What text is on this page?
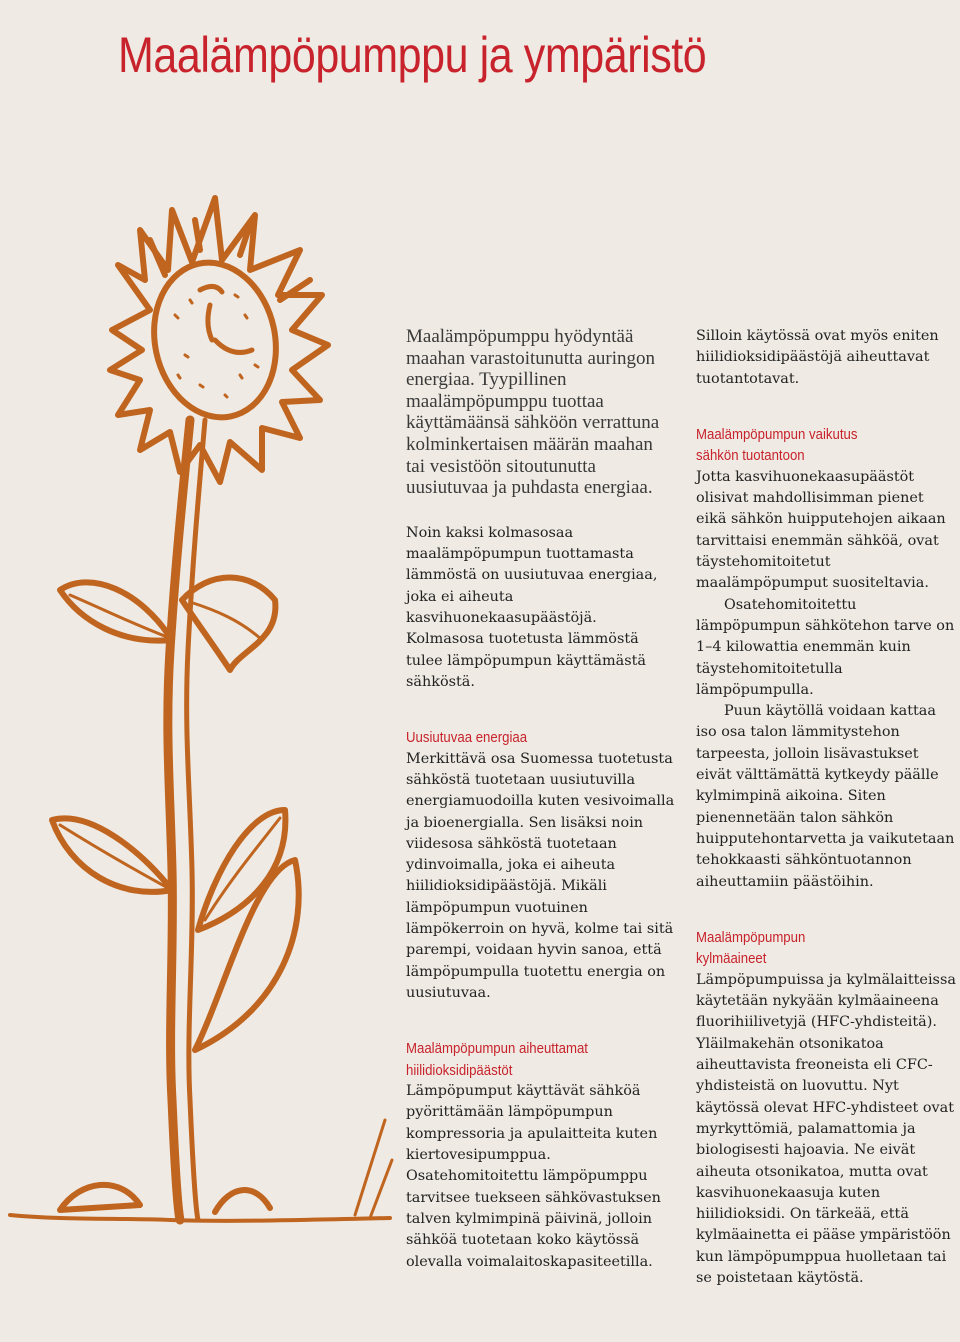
Maalämpöpumppu ja ympäristö

Maalämpöpumppu hyödyntää maahan varastoitunutta auringon energiaa. Tyypillinen maalämpöpumppu tuottaa käyttämäänsä sähköön verrattuna kolminkertaisen määrän maahan tai vesistöön sitoutunutta uusiutuvaa ja puhdasta energiaa.

Noin kaksi kolmasosaa maalämpöpumpun tuottamasta lämmöstä on uusiutuvaa energiaa, joka ei aiheuta kasvihuonekaasupäästöjä. Kolmasosa tuotetusta lämmöstä tulee lämpöpumpun käyttämästä sähköstä.

Uusiutuvaa energiaa

Merkittävä osa Suomessa tuotetusta sähköstä tuotetaan uusiutuvilla energiamuodoilla kuten vesivoimalla ja bioenergialla. Sen lisäksi noin viidesosa sähköstä tuotetaan ydinvoimalla, joka ei aiheuta hiilidioksidipäästöjä. Mikäli lämpöpumpun vuotuinen lämpökerroin on hyvä, kolme tai sitä parempi, voidaan hyvin sanoa, että lämpöpumpulla tuotettu energia on uusiutuvaa.

Maalämpöpumpun aiheuttamat
hiilidioksidipäästöt

Lämpöpumput käyttävät sähköä pyörittämään lämpöpumpun kompressoria ja apulaitteita kuten kiertovesipumppua. Osatehomitoitettu lämpöpumppu tarvitsee tuekseen sähkövastuksen talven kylmimpinä päivinä, jolloin sähköä tuotetaan koko käytössä olevalla voimalaitoskapasiteetilla.

Silloin käytössä ovat myös eniten hiilidioksidipäästöjä aiheuttavat tuotantotavat.

Maalämpöpumpun vaikutus
sähkön tuotantoon

Jotta kasvihuonekaasupäästöt olisivat mahdollisimman pienet eikä sähkön huipputehojen aikaan tarvittaisi enemmän sähköä, ovat täystehomitoitetut maalämpöpumput suositeltavia.

Osatehomitoitettu lämpöpumpun sähkötehon tarve on 1–4 kilowattia enemmän kuin täystehomitoitetulla lämpöpumpulla.

Puun käytöllä voidaan kattaa iso osa talon lämmitystehon tarpeesta, jolloin lisävastukset eivät välttämättä kytkeydy päälle kylmimpinä aikoina. Siten pienennetään talon sähkön huipputehontarvetta ja vaikutetaan tehokkaasti sähköntuotannon aiheuttamiin päästöihin.

Maalämpöpumpun
kylmäaineet

Lämpöpumpuissa ja kylmälaitteissa käytetään nykyään kylmäaineena fluorihiilivetyjä (HFC-yhdisteitä). Yläilmakehän otsonikatoa aiheuttavista freoneista eli CFC-yhdisteistä on luovuttu. Nyt käytössä olevat HFC-yhdisteet ovat myrkyttömiä, palamattomia ja biologisesti hajoavia. Ne eivät aiheuta otsonikatoa, mutta ovat kasvihuonekaasuja kuten hiilidioksidi. On tärkeää, että kylmäainetta ei pääse ympäristöön kun lämpöpumppua huolletaan tai se poistetaan käytöstä.
